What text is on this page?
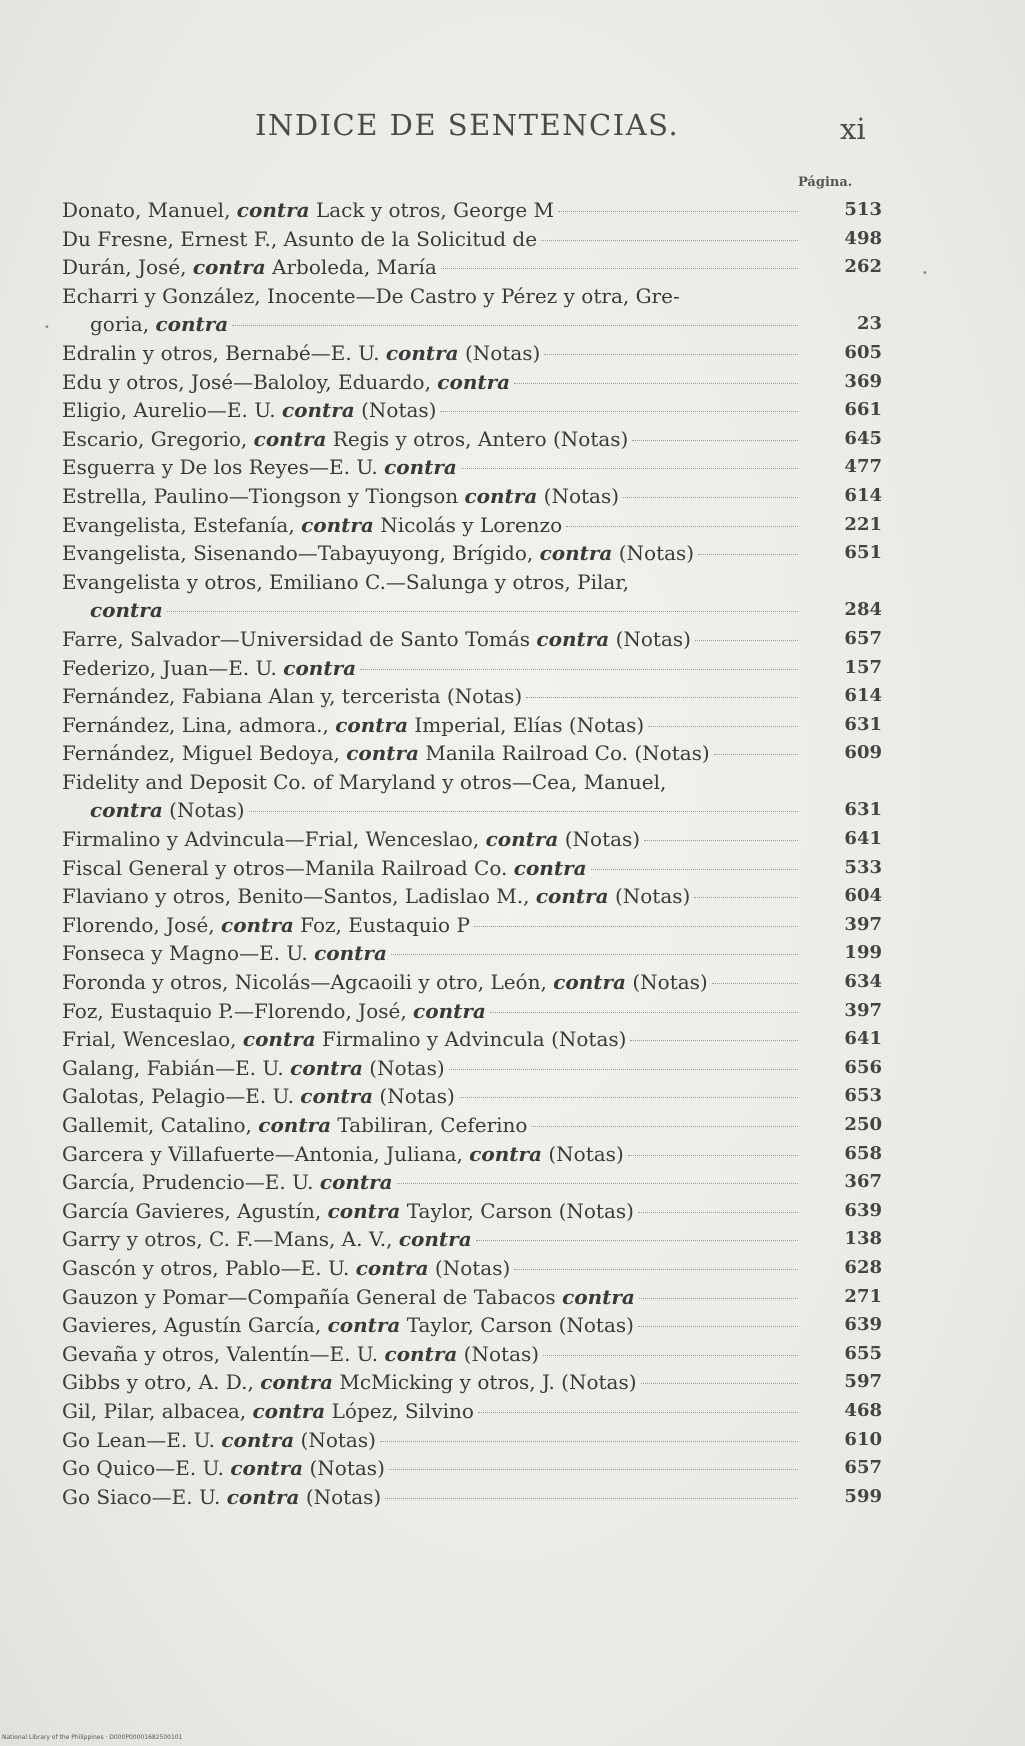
INDICE DE SENTENCIAS.	xi
Página.
Donato, Manuel, contra Lack y otros, George M	513
Du Fresne, Ernest F., Asunto de la Solicitud de	498
Durán, José, contra Arboleda, María	262
Echarri y González, Inocente—De Castro y Pérez y otra, Gre-
goria, contra	23
Edralin y otros, Bernabé—E. U. contra (Notas)	605
Edu y otros, José—Baloloy, Eduardo, contra	369
Eligio, Aurelio—E. U. contra (Notas)	661
Escario, Gregorio, contra Regis y otros, Antero (Notas)	645
Esguerra y De los Reyes—E. U. contra	477
Estrella, Paulino—Tiongson y Tiongson contra (Notas)	614
Evangelista, Estefanía, contra Nicolás y Lorenzo	221
Evangelista, Sisenando—Tabayuyong, Brígido, contra (Notas)	651
Evangelista y otros, Emiliano C.—Salunga y otros, Pilar,
contra	284
Farre, Salvador—Universidad de Santo Tomás contra (Notas)	657
Federizo, Juan—E. U. contra	157
Fernández, Fabiana Alan y, tercerista (Notas)	614
Fernández, Lina, admora., contra Imperial, Elías (Notas)	631
Fernández, Miguel Bedoya, contra Manila Railroad Co. (Notas)	609
Fidelity and Deposit Co. of Maryland y otros—Cea, Manuel,
contra (Notas)	631
Firmalino y Advincula—Frial, Wenceslao, contra (Notas)	641
Fiscal General y otros—Manila Railroad Co. contra	533
Flaviano y otros, Benito—Santos, Ladislao M., contra (Notas)	604
Florendo, José, contra Foz, Eustaquio P	397
Fonseca y Magno—E. U. contra	199
Foronda y otros, Nicolás—Agcaoili y otro, León, contra (Notas)	634
Foz, Eustaquio P.—Florendo, José, contra	397
Frial, Wenceslao, contra Firmalino y Advincula (Notas)	641
Galang, Fabián—E. U. contra (Notas)	656
Galotas, Pelagio—E. U. contra (Notas)	653
Gallemit, Catalino, contra Tabiliran, Ceferino	250
Garcera y Villafuerte—Antonia, Juliana, contra (Notas)	658
García, Prudencio—E. U. contra	367
García Gavieres, Agustín, contra Taylor, Carson (Notas)	639
Garry y otros, C. F.—Mans, A. V., contra	138
Gascón y otros, Pablo—E. U. contra (Notas)	628
Gauzon y Pomar—Compañía General de Tabacos contra	271
Gavieres, Agustín García, contra Taylor, Carson (Notas)	639
Gevaña y otros, Valentín—E. U. contra (Notas)	655
Gibbs y otro, A. D., contra McMicking y otros, J. (Notas)	597
Gil, Pilar, albacea, contra López, Silvino	468
Go Lean—E. U. contra (Notas)	610
Go Quico—E. U. contra (Notas)	657
Go Siaco—E. U. contra (Notas)	599
•
•
National Library of the Philippines · D000P00001682500101
